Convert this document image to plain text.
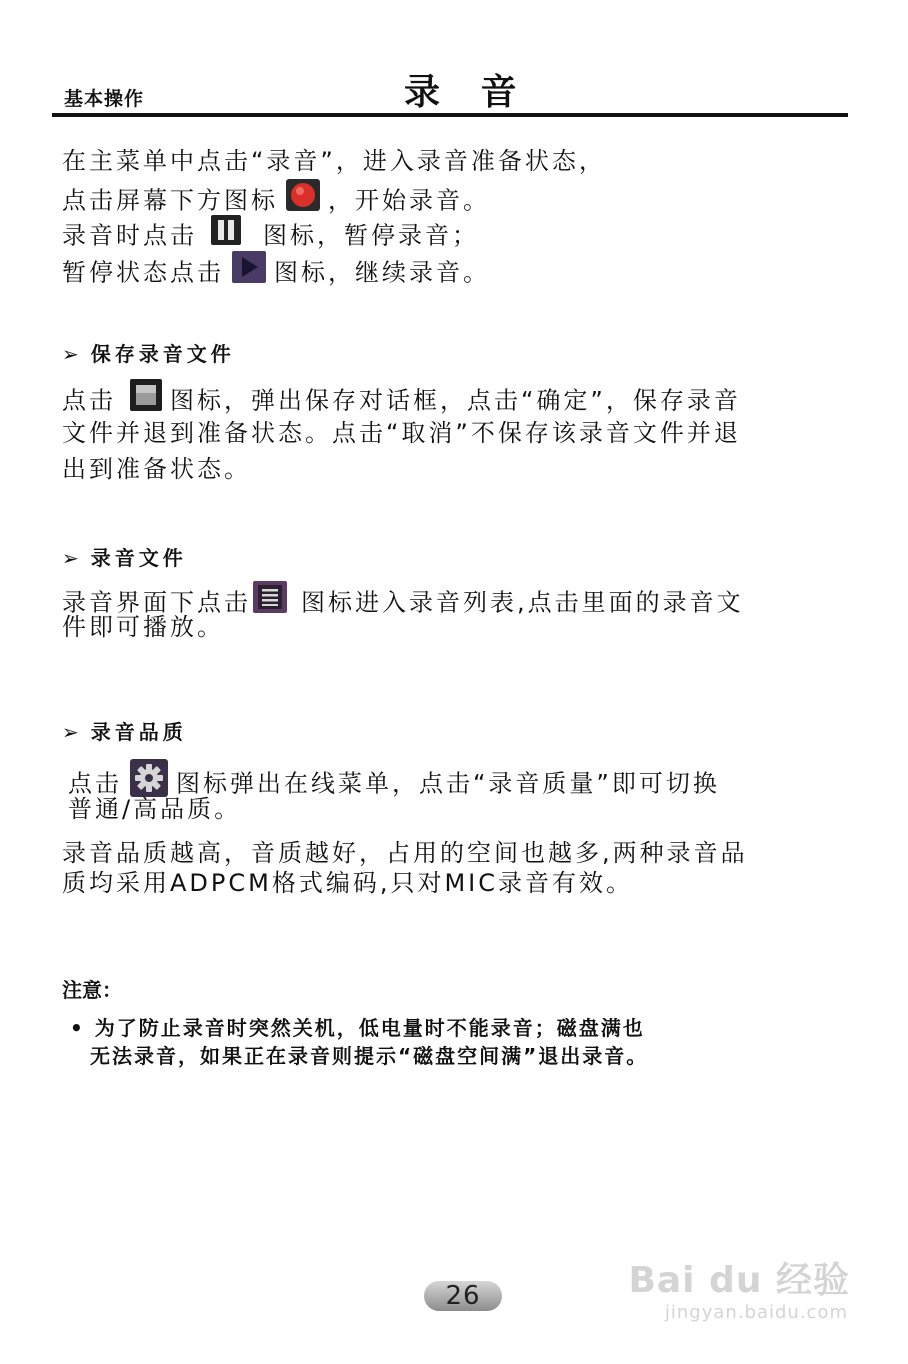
基本操作	录 音
在主菜单中点击“录音”，进入录音准备状态，
点击屏幕下方图标 ，开始录音。
录音时点击	图标，暂停录音；
暂停状态点击 图标，继续录音。
➢ 保存录音文件
点击 图标，弹出保存对话框，点击“确定”，保存录音
文件并退到准备状态。点击“取消”不保存该录音文件并退
出到准备状态。
➢ 录音文件
录音界面下点击 图标进入录音列表,点击里面的录音文
件即可播放。
➢ 录音品质
点击 图标弹出在线菜单，点击“录音质量”即可切换
普通/高品质。
录音品质越高，音质越好，占用的空间也越多,两种录音品
质均采用ADPCM格式编码,只对MIC录音有效。
注意：
• 为了防止录音时突然关机，低电量时不能录音；磁盘满也
无法录音，如果正在录音则提示“磁盘空间满”退出录音。
26	Bai du 经验
jingyan.baidu.com
